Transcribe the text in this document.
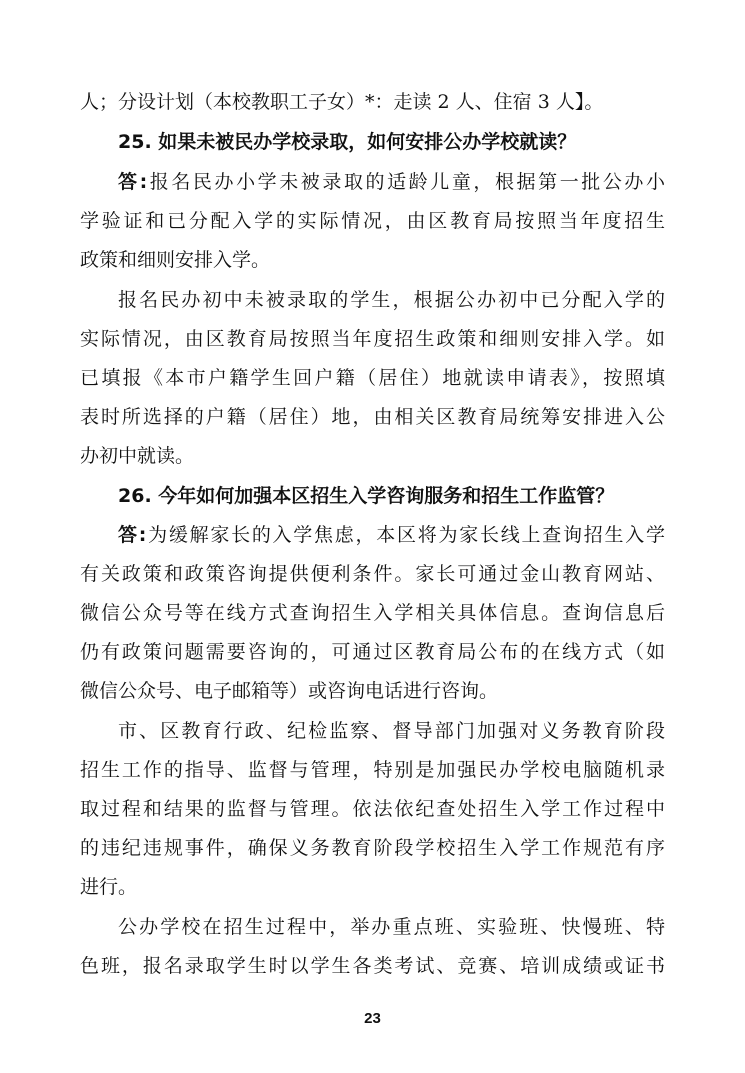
人；分设计划（本校教职工子女）*：走读 2 人、住宿 3 人】。
25. 如果未被民办学校录取，如何安排公办学校就读？
答:报名民办小学未被录取的适龄儿童，根据第一批公办小
学验证和已分配入学的实际情况，由区教育局按照当年度招生
政策和细则安排入学。
报名民办初中未被录取的学生，根据公办初中已分配入学的
实际情况，由区教育局按照当年度招生政策和细则安排入学。如
已填报《本市户籍学生回户籍（居住）地就读申请表》，按照填
表时所选择的户籍（居住）地，由相关区教育局统筹安排进入公
办初中就读。
26. 今年如何加强本区招生入学咨询服务和招生工作监管？
答:为缓解家长的入学焦虑，本区将为家长线上查询招生入学
有关政策和政策咨询提供便利条件。家长可通过金山教育网站、
微信公众号等在线方式查询招生入学相关具体信息。查询信息后
仍有政策问题需要咨询的，可通过区教育局公布的在线方式（如
微信公众号、电子邮箱等）或咨询电话进行咨询。
市、区教育行政、纪检监察、督导部门加强对义务教育阶段
招生工作的指导、监督与管理，特别是加强民办学校电脑随机录
取过程和结果的监督与管理。依法依纪查处招生入学工作过程中
的违纪违规事件，确保义务教育阶段学校招生入学工作规范有序
进行。
公办学校在招生过程中，举办重点班、实验班、快慢班、特
色班，报名录取学生时以学生各类考试、竞赛、培训成绩或证书
23
